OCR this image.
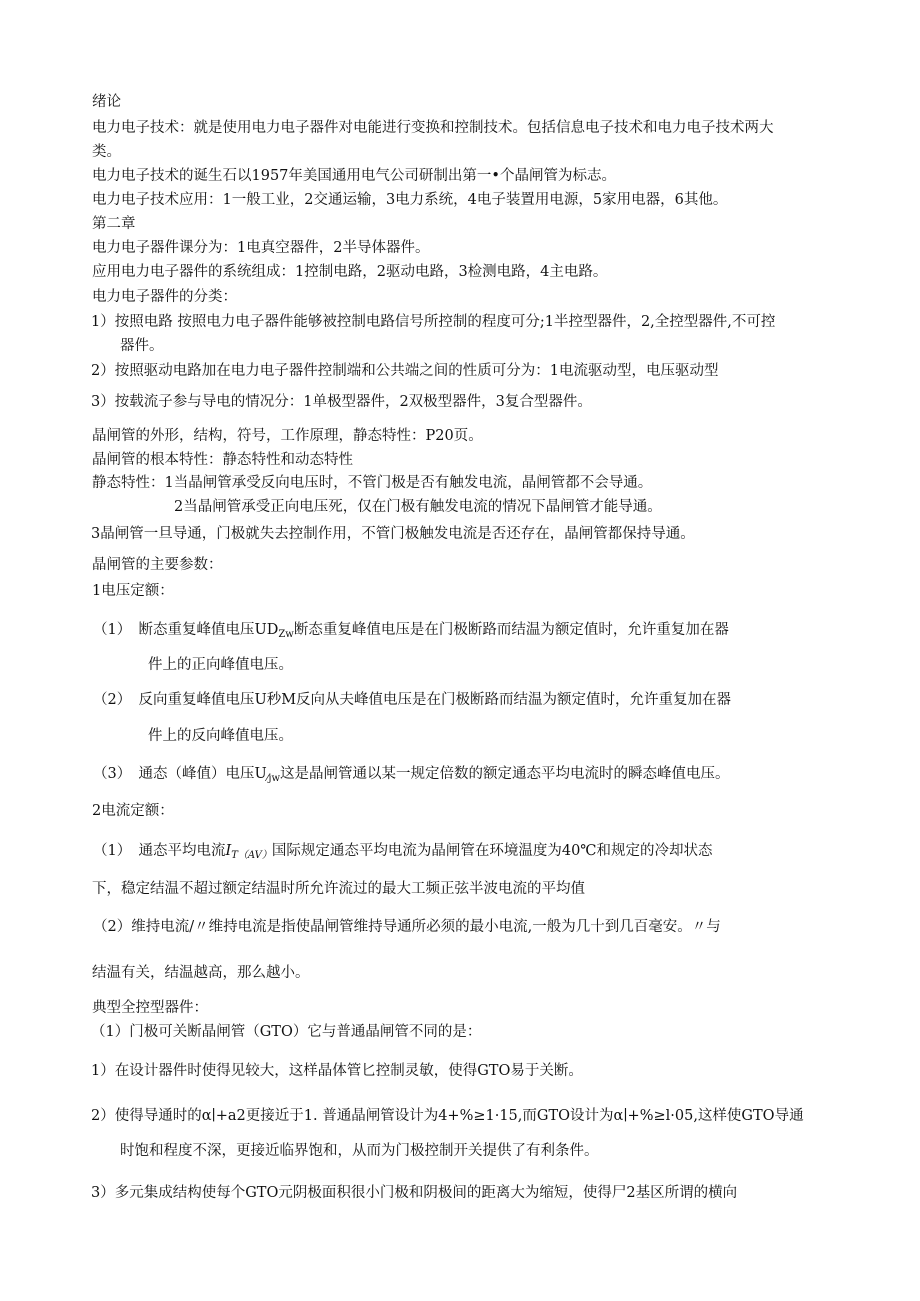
绪论
电力电子技术：就是使用电力电子器件对电能进行变换和控制技术。包括信息电子技术和电力电子技术两大
类。
电力电子技术的诞生石以1957年美国通用电气公司研制出第一•个晶闸管为标志。
电力电子技术应用：1一般工业，2交通运输，3电力系统，4电子装置用电源，5家用电器，6其他。
第二章
电力电子器件课分为：1电真空器件，2半导体器件。
应用电力电子器件的系统组成：1控制电路，2驱动电路，3检测电路，4主电路。
电力电子器件的分类：
1）按照电路 按照电力电子器件能够被控制电路信号所控制的程度可分;1半控型器件，2,全控型器件,不可控
器件。
2）按照驱动电路加在电力电子器件控制端和公共端之间的性质可分为：1电流驱动型，电压驱动型
3）按载流子参与导电的情况分：1单极型器件，2双极型器件，3复合型器件。
晶闸管的外形，结构，符号，工作原理，静态特性：P20页。
晶闸管的根本特性：静态特性和动态特性
静态特性：1当晶闸管承受反向电压时，不管门极是否有触发电流，晶闸管都不会导通。
2当晶闸管承受正向电压死，仅在门极有触发电流的情况下晶闸管才能导通。
3晶闸管一旦导通，门极就失去控制作用，不管门极触发电流是否还存在，晶闸管都保持导通。
晶闸管的主要参数：
1电压定额：
（1）　断态重复峰值电压$UD_{Zw}$断态重复峰值电压是在门极断路而结温为额定值时，允许重复加在器
件上的正向峰值电压。
（2）　反向重复峰值电压U秒M反向从夫峰值电压是在门极断路而结温为额定值时，允许重复加在器
件上的反向峰值电压。
（3）　通态（峰值）电压$U_{⁄jw}$这是晶闸管通以某一规定倍数的额定通态平均电流时的瞬态峰值电压。
2电流定额：
（1）　通态平均电流$I_{T(AV)}$国际规定通态平均电流为晶闸管在环境温度为40℃和规定的冷却状态
下，稳定结温不超过额定结温时所允许流过的最大工频正弦半波电流的平均值
（2）维持电流/〃维持电流是指使晶闸管维持导通所必须的最小电流,一般为几十到几百毫安。〃与
结温有关，结温越高，那么越小。
典型全控型器件：
（1）门极可关断晶闸管（GTO）它与普通晶闸管不同的是：
1）在设计器件时使得见较大，这样晶体管匕控制灵敏，使得GTO易于关断。
2）使得导通时的α∣+a2更接近于1. 普通晶闸管设计为4+%≥1·15,而GTO设计为α∣+%≥l·05,这样使GTO导通
时饱和程度不深，更接近临界饱和，从而为门极控制开关提供了有利条件。
3）多元集成结构使每个GTO元阴极面积很小门极和阴极间的距离大为缩短，使得尸2基区所谓的横向
